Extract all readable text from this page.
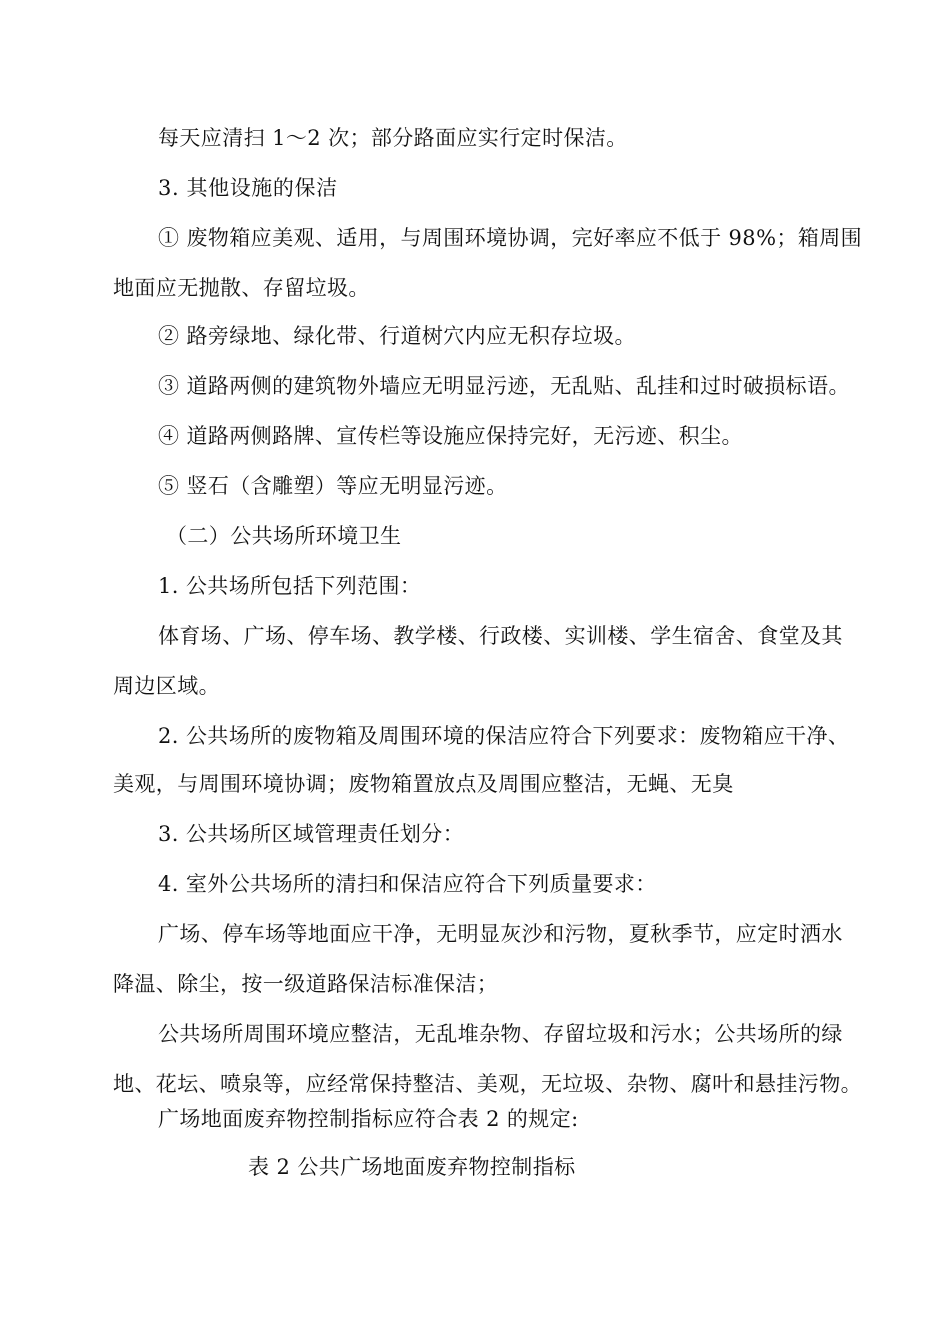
每天应清扫 1～2 次；部分路面应实行定时保洁。
3. 其他设施的保洁
① 废物箱应美观、适用，与周围环境协调，完好率应不低于 98%；箱周围
地面应无抛散、存留垃圾。
② 路旁绿地、绿化带、行道树穴内应无积存垃圾。
③ 道路两侧的建筑物外墙应无明显污迹，无乱贴、乱挂和过时破损标语。
④ 道路两侧路牌、宣传栏等设施应保持完好，无污迹、积尘。
⑤ 竖石（含雕塑）等应无明显污迹。
（二）公共场所环境卫生
1. 公共场所包括下列范围：
体育场、广场、停车场、教学楼、行政楼、实训楼、学生宿舍、食堂及其
周边区域。
2. 公共场所的废物箱及周围环境的保洁应符合下列要求：废物箱应干净、
美观，与周围环境协调；废物箱置放点及周围应整洁，无蝇、无臭
3. 公共场所区域管理责任划分：
4. 室外公共场所的清扫和保洁应符合下列质量要求：
广场、停车场等地面应干净，无明显灰沙和污物，夏秋季节，应定时洒水
降温、除尘，按一级道路保洁标准保洁；
公共场所周围环境应整洁，无乱堆杂物、存留垃圾和污水；公共场所的绿
地、花坛、喷泉等，应经常保持整洁、美观，无垃圾、杂物、腐叶和悬挂污物。
广场地面废弃物控制指标应符合表 2 的规定:
表 2 公共广场地面废弃物控制指标
